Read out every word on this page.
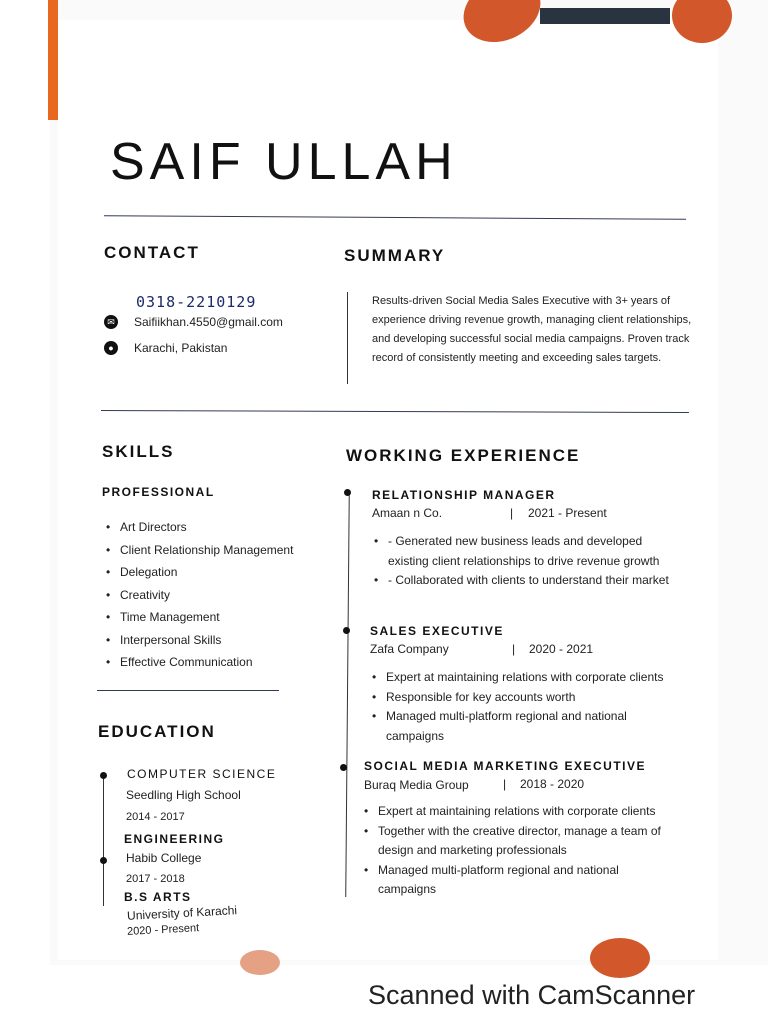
SAIF ULLAH
CONTACT
0318-2210129
✉ Saifiikhan.4550@gmail.com
●	Karachi, Pakistan
SUMMARY
Results-driven Social Media Sales Executive with 3+ years of experience driving revenue growth, managing client relationships, and developing successful social media campaigns. Proven track record of consistently meeting and exceeding sales targets.
SKILLS
PROFESSIONAL
• Art Directors
• Client Relationship Management
• Delegation
• Creativity
• Time Management
• Interpersonal Skills
• Effective Communication
EDUCATION
COMPUTER SCIENCE
Seedling High School
2014 - 2017
ENGINEERING
Habib College
2017 - 2018
B.S ARTS
University of Karachi
2020 - Present
WORKING EXPERIENCE
RELATIONSHIP MANAGER
Amaan n Co.	| 2021 - Present
• - Generated new business leads and developed
existing client relationships to drive revenue growth
• - Collaborated with clients to understand their market
SALES EXECUTIVE
Zafa Company	| 2020 - 2021
• Expert at maintaining relations with corporate clients
• Responsible for key accounts worth
• Managed multi-platform regional and national
campaigns
SOCIAL MEDIA MARKETING EXECUTIVE
Buraq Media Group	| 2018 - 2020
• Expert at maintaining relations with corporate clients
• Together with the creative director, manage a team of
design and marketing professionals
• Managed multi-platform regional and national
campaigns
Scanned with CamScanner
